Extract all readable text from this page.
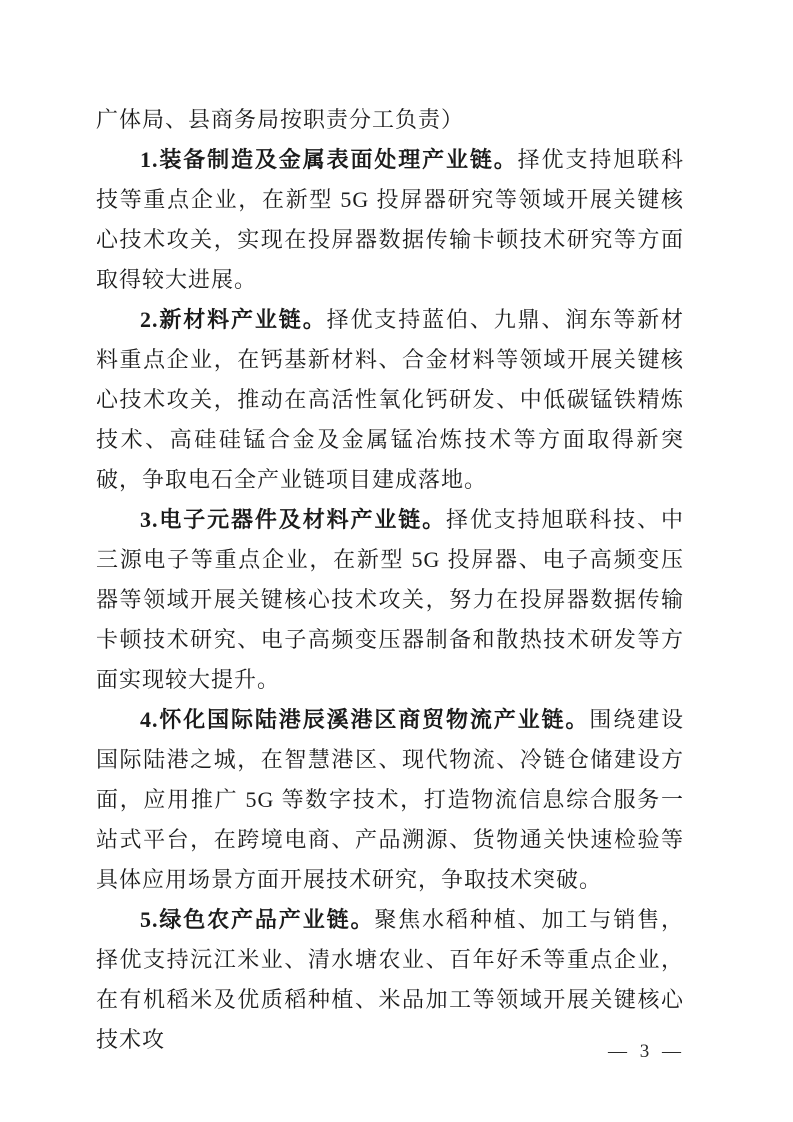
广体局、县商务局按职责分工负责）

1.装备制造及金属表面处理产业链。择优支持旭联科技等重点企业，在新型 5G 投屏器研究等领域开展关键核心技术攻关，实现在投屏器数据传输卡顿技术研究等方面取得较大进展。

2.新材料产业链。择优支持蓝伯、九鼎、润东等新材料重点企业，在钙基新材料、合金材料等领域开展关键核心技术攻关，推动在高活性氧化钙研发、中低碳锰铁精炼技术、高硅硅锰合金及金属锰冶炼技术等方面取得新突破，争取电石全产业链项目建成落地。

3.电子元器件及材料产业链。择优支持旭联科技、中三源电子等重点企业，在新型 5G 投屏器、电子高频变压器等领域开展关键核心技术攻关，努力在投屏器数据传输卡顿技术研究、电子高频变压器制备和散热技术研发等方面实现较大提升。

4.怀化国际陆港辰溪港区商贸物流产业链。围绕建设国际陆港之城，在智慧港区、现代物流、冷链仓储建设方面，应用推广 5G 等数字技术，打造物流信息综合服务一站式平台，在跨境电商、产品溯源、货物通关快速检验等具体应用场景方面开展技术研究，争取技术突破。

5.绿色农产品产业链。聚焦水稻种植、加工与销售，择优支持沅江米业、清水塘农业、百年好禾等重点企业，在有机稻米及优质稻种植、米品加工等领域开展关键核心技术攻	— 3 —
